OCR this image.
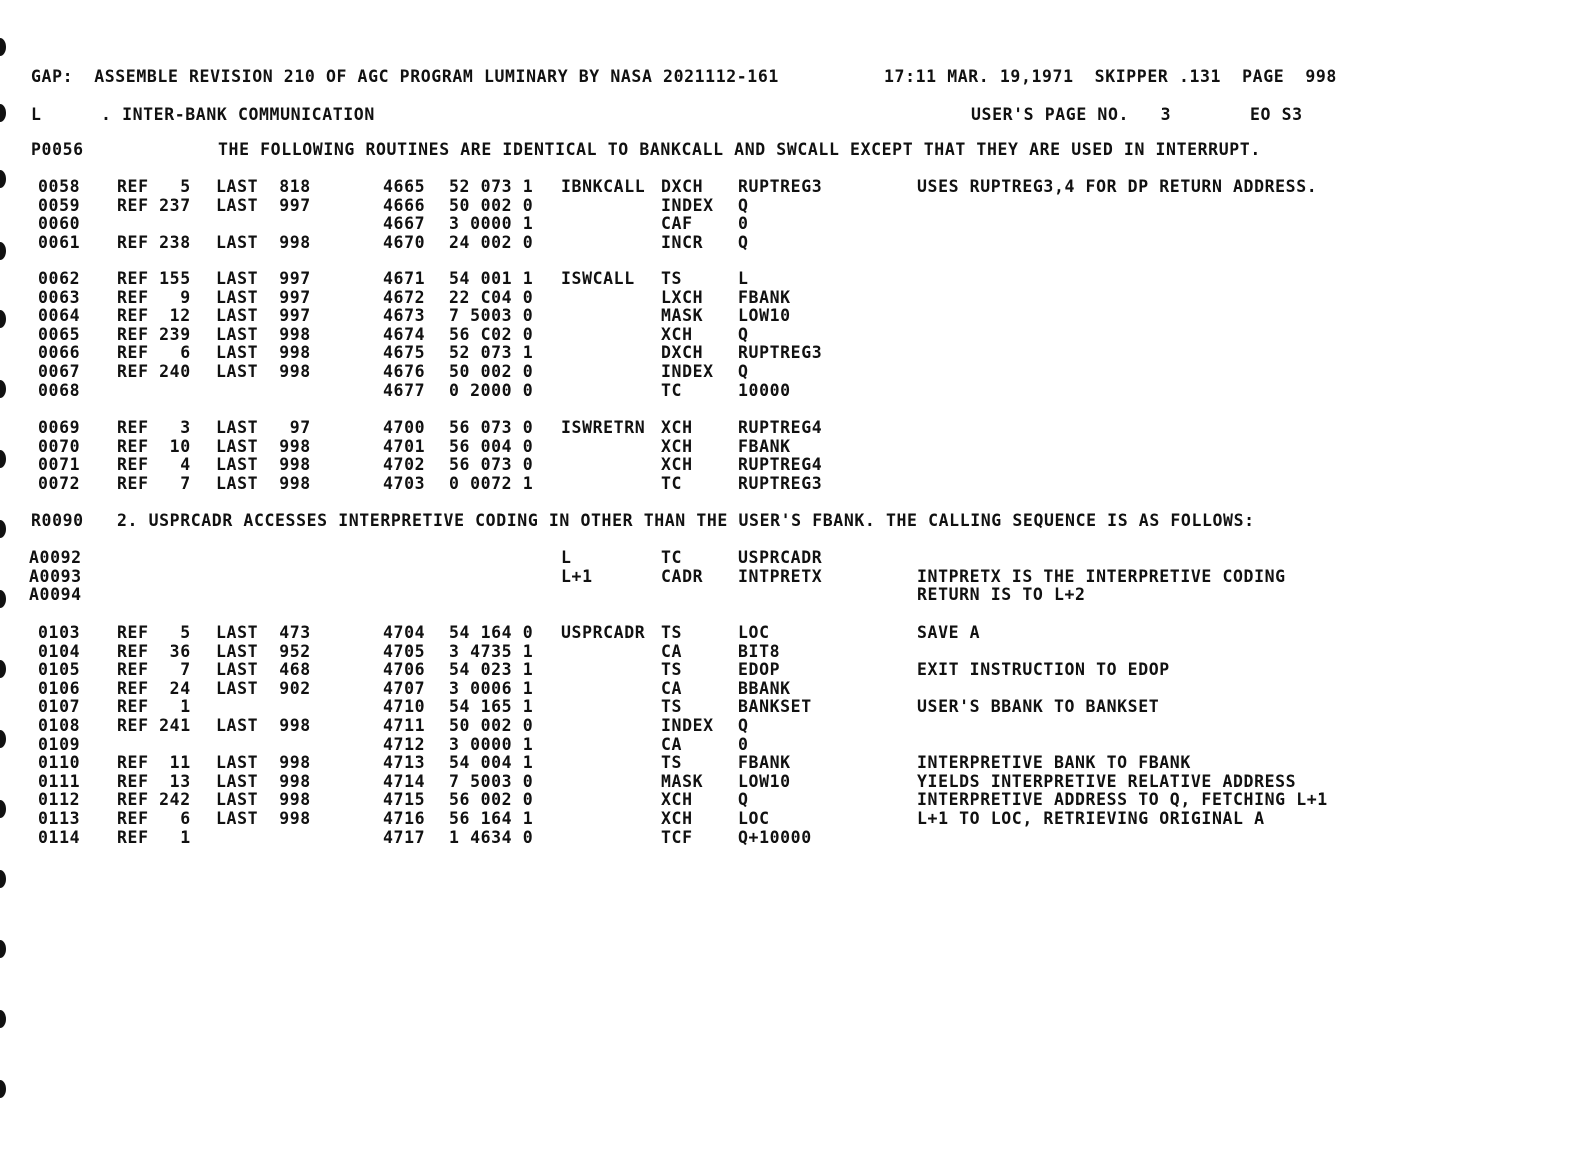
GAP:  ASSEMBLE REVISION 210 OF AGC PROGRAM LUMINARY BY NASA 2021112-161	17:11 MAR. 19,1971  SKIPPER .131  PAGE  998
L	. INTER-BANK COMMUNICATION	USER'S PAGE NO.   3	EO S3
P0056	THE FOLLOWING ROUTINES ARE IDENTICAL TO BANKCALL AND SWCALL EXCEPT THAT THEY ARE USED IN INTERRUPT.
R0090 2. USPRCADR ACCESSES INTERPRETIVE CODING IN OTHER THAN THE USER'S FBANK. THE CALLING SEQUENCE IS AS FOLLOWS:
0058 REF   5 LAST  818	4665 52 073 1 IBNKCALL DXCH RUPTREG3	USES RUPTREG3,4 FOR DP RETURN ADDRESS.
0059 REF 237 LAST  997	4666 50 002 0	INDEX Q
0060	4667 3 0000 1	CAF	0
0061 REF 238 LAST  998	4670 24 002 0	INCR Q
0062 REF 155 LAST  997	4671 54 001 1 ISWCALL TS	L
0063 REF   9 LAST  997	4672 22 C04 0	LXCH FBANK
0064 REF  12 LAST  997	4673 7 5003 0	MASK LOW10
0065 REF 239 LAST  998	4674 56 C02 0	XCH	Q
0066 REF   6 LAST  998	4675 52 073 1	DXCH RUPTREG3
0067 REF 240 LAST  998	4676 50 002 0	INDEX Q
0068	4677 0 2000 0	TC	10000
0069 REF   3 LAST   97	4700 56 073 0 ISWRETRN XCH	RUPTREG4
0070 REF  10 LAST  998	4701 56 004 0	XCH	FBANK
0071 REF   4 LAST  998	4702 56 073 0	XCH	RUPTREG4
0072 REF   7 LAST  998	4703 0 0072 1	TC	RUPTREG3
A0092	L	TC	USPRCADR
A0093	L+1	CADR INTPRETX	INTPRETX IS THE INTERPRETIVE CODING
A0094	RETURN IS TO L+2
0103 REF   5 LAST  473	4704 54 164 0 USPRCADR TS	LOC	SAVE A
0104 REF  36 LAST  952	4705 3 4735 1	CA	BIT8
0105 REF   7 LAST  468	4706 54 023 1	TS	EDOP	EXIT INSTRUCTION TO EDOP
0106 REF  24 LAST  902	4707 3 0006 1	CA	BBANK
0107 REF   1	4710 54 165 1	TS	BANKSET	USER'S BBANK TO BANKSET
0108 REF 241 LAST  998	4711 50 002 0	INDEX Q
0109	4712 3 0000 1	CA	0
0110 REF  11 LAST  998	4713 54 004 1	TS	FBANK	INTERPRETIVE BANK TO FBANK
0111 REF  13 LAST  998	4714 7 5003 0	MASK LOW10	YIELDS INTERPRETIVE RELATIVE ADDRESS
0112 REF 242 LAST  998	4715 56 002 0	XCH	Q	INTERPRETIVE ADDRESS TO Q, FETCHING L+1
0113 REF   6 LAST  998	4716 56 164 1	XCH	LOC	L+1 TO LOC, RETRIEVING ORIGINAL A
0114 REF   1	4717 1 4634 0	TCF	Q+10000
